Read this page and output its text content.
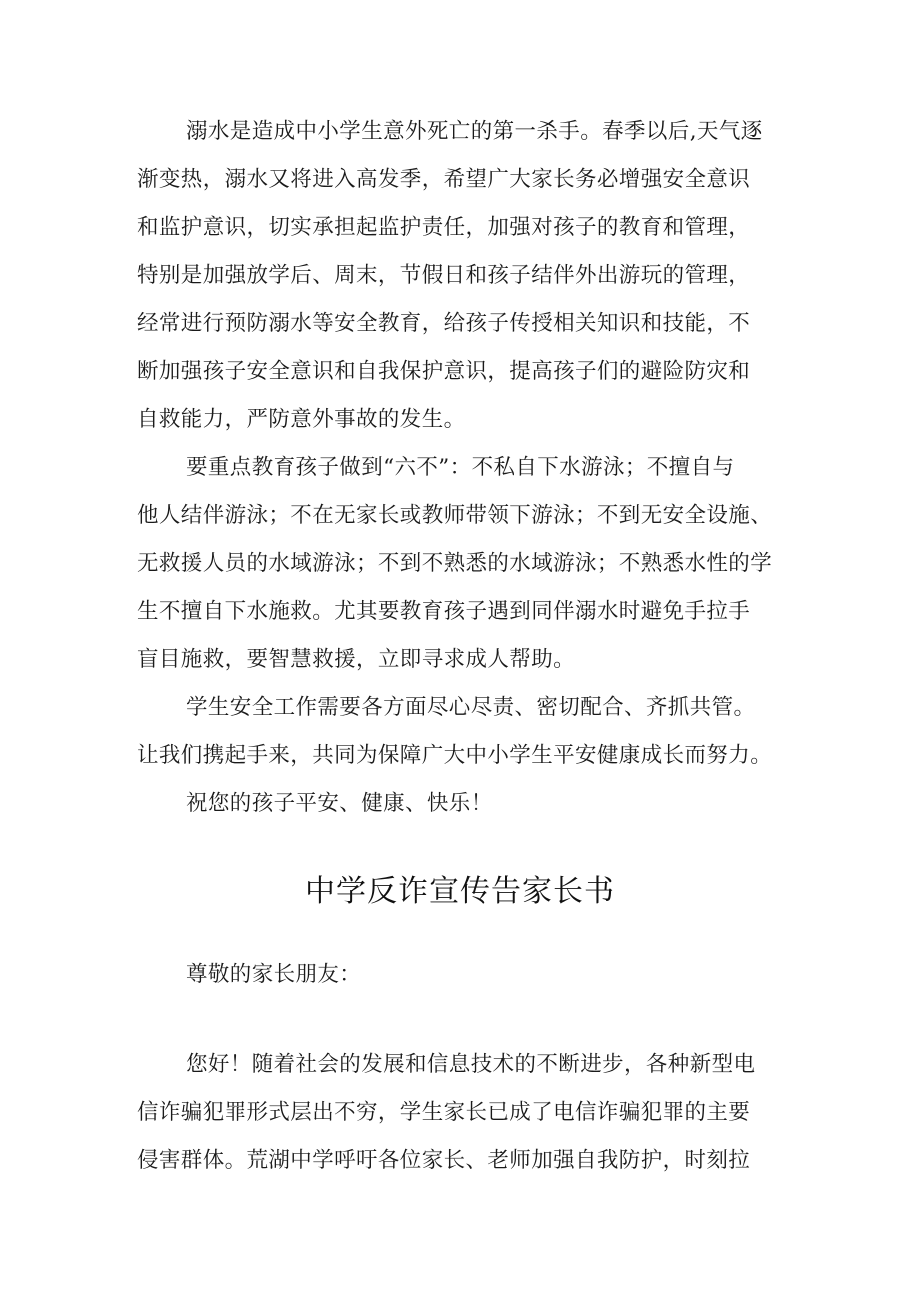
溺水是造成中小学生意外死亡的第一杀手。春季以后,天气逐
渐变热，溺水又将进入高发季，希望广大家长务必增强安全意识
和监护意识，切实承担起监护责任，加强对孩子的教育和管理，
特别是加强放学后、周末，节假日和孩子结伴外出游玩的管理，
经常进行预防溺水等安全教育，给孩子传授相关知识和技能，不
断加强孩子安全意识和自我保护意识，提高孩子们的避险防灾和
自救能力，严防意外事故的发生。
要重点教育孩子做到“六不”：不私自下水游泳；不擅自与
他人结伴游泳；不在无家长或教师带领下游泳；不到无安全设施、
无救援人员的水域游泳；不到不熟悉的水域游泳；不熟悉水性的学
生不擅自下水施救。尤其要教育孩子遇到同伴溺水时避免手拉手
盲目施救，要智慧救援，立即寻求成人帮助。
学生安全工作需要各方面尽心尽责、密切配合、齐抓共管。
让我们携起手来，共同为保障广大中小学生平安健康成长而努力。
祝您的孩子平安、健康、快乐！
中学反诈宣传告家长书
尊敬的家长朋友：
您好！随着社会的发展和信息技术的不断进步，各种新型电
信诈骗犯罪形式层出不穷，学生家长已成了电信诈骗犯罪的主要
侵害群体。荒湖中学呼吁各位家长、老师加强自我防护，时刻拉
